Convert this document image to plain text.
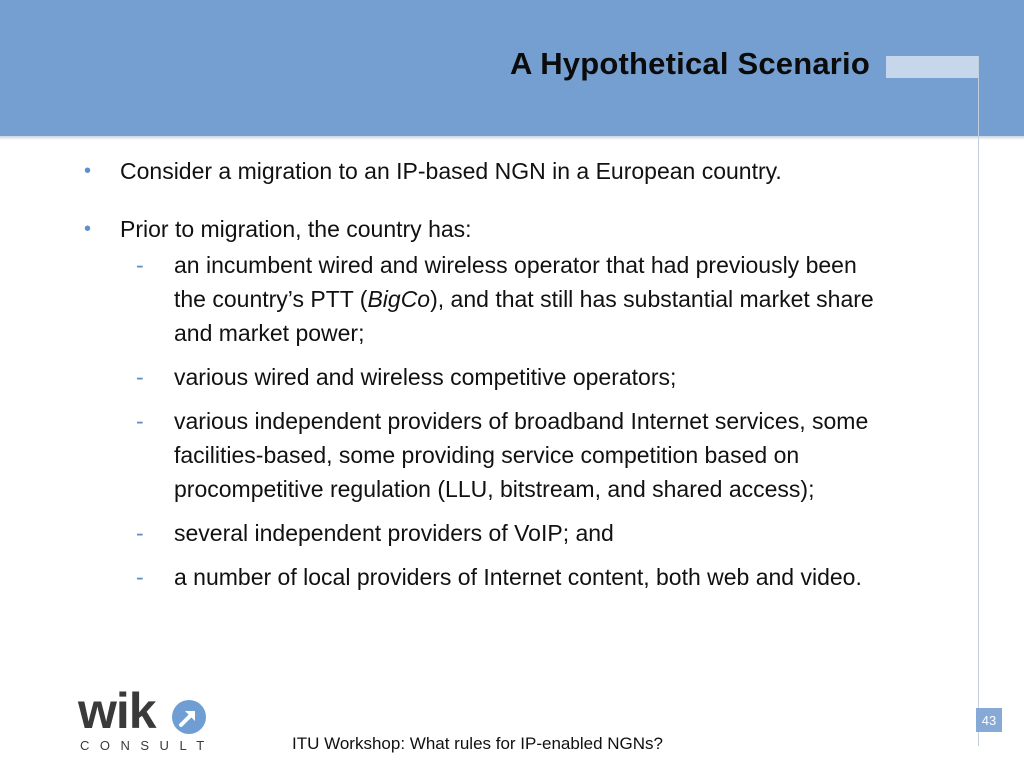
A Hypothetical Scenario
• Consider a migration to an IP-based NGN in a European country.
• Prior to migration, the country has:
- an incumbent wired and wireless operator that had previously been the country’s PTT (BigCo), and that still has substantial market share and market power;
- various wired and wireless competitive operators;
- various independent providers of broadband Internet services, some facilities-based, some providing service competition based on procompetitive regulation (LLU, bitstream, and shared access);
- several independent providers of VoIP; and
- a number of local providers of Internet content, both web and video.
wik
CONSULT	ITU Workshop: What rules for IP-enabled NGNs?
43
